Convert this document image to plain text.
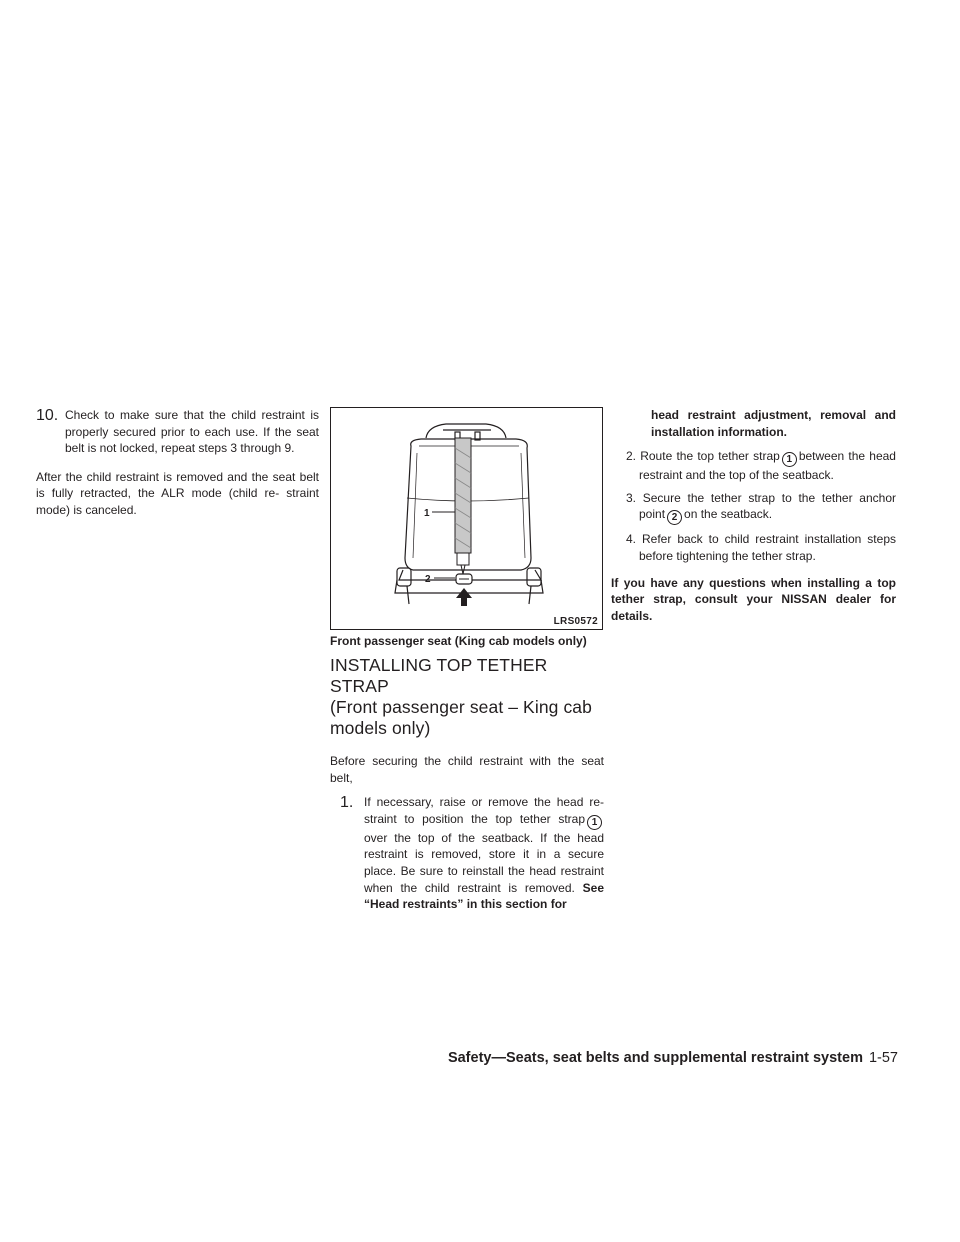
10. Check to make sure that the child restraint is properly secured prior to each use. If the seat belt is not locked, repeat steps 3 through 9.

After the child restraint is removed and the seat belt is fully retracted, the ALR mode (child re- straint mode) is canceled.	1
2
LRS0572
Front passenger seat (King cab models only)
INSTALLING TOP TETHER STRAP
(Front passenger seat – King cab
models only)

Before securing the child restraint with the seat belt,

1. If necessary, raise or remove the head re- straint to position the top tether strap 1 over the top of the seatback. If the head restraint is removed, store it in a secure place. Be sure to reinstall the head restraint when the child restraint is removed. See “Head restraints” in this section for

head restraint adjustment, removal and installation information.

2. Route the top tether strap 1 between the head restraint and the top of the seatback.

3. Secure the tether strap to the tether anchor point 2 on the seatback.

4. Refer back to child restraint installation steps before tightening the tether strap.

If you have any questions when installing a top tether strap, consult your NISSAN dealer for details.

Safety—Seats, seat belts and supplemental restraint system 1-57
